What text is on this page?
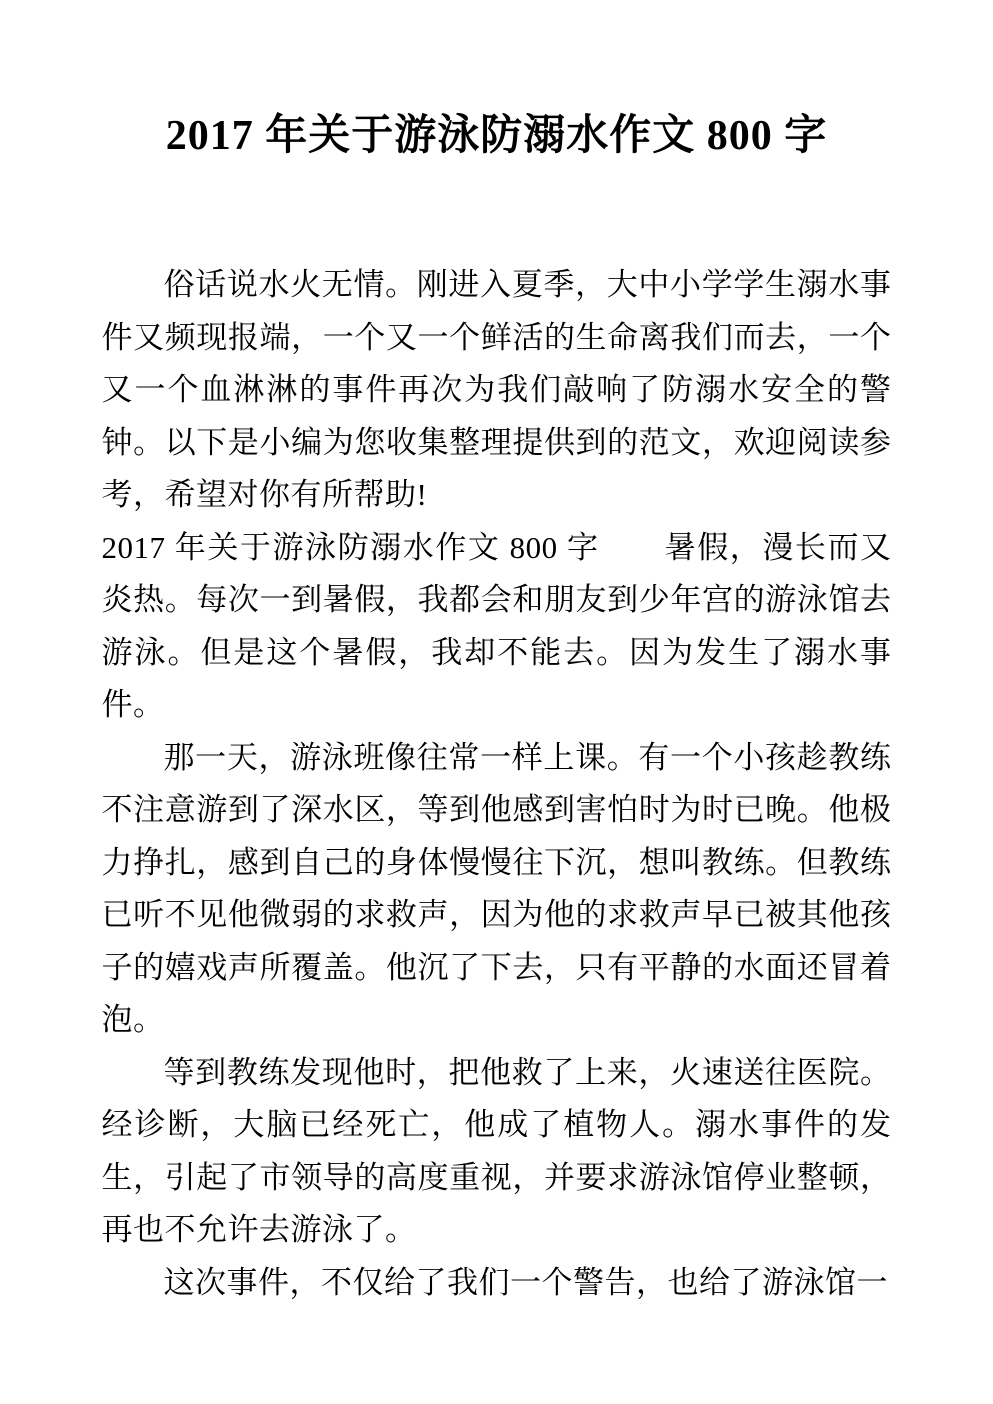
2017 年关于游泳防溺水作文 800 字

俗话说水火无情。刚进入夏季，大中小学学生溺水事件又频现报端，一个又一个鲜活的生命离我们而去，一个又一个血淋淋的事件再次为我们敲响了防溺水安全的警钟。以下是小编为您收集整理提供到的范文，欢迎阅读参考，希望对你有所帮助!

2017 年关于游泳防溺水作文 800 字　　暑假，漫长而又炎热。每次一到暑假，我都会和朋友到少年宫的游泳馆去游泳。但是这个暑假，我却不能去。因为发生了溺水事件。

那一天，游泳班像往常一样上课。有一个小孩趁教练不注意游到了深水区，等到他感到害怕时为时已晚。他极力挣扎，感到自己的身体慢慢往下沉，想叫教练。但教练已听不见他微弱的求救声，因为他的求救声早已被其他孩子的嬉戏声所覆盖。他沉了下去，只有平静的水面还冒着泡。

等到教练发现他时，把他救了上来，火速送往医院。经诊断，大脑已经死亡，他成了植物人。溺水事件的发生，引起了市领导的高度重视，并要求游泳馆停业整顿，再也不允许去游泳了。

这次事件，不仅给了我们一个警告，也给了游泳馆一
